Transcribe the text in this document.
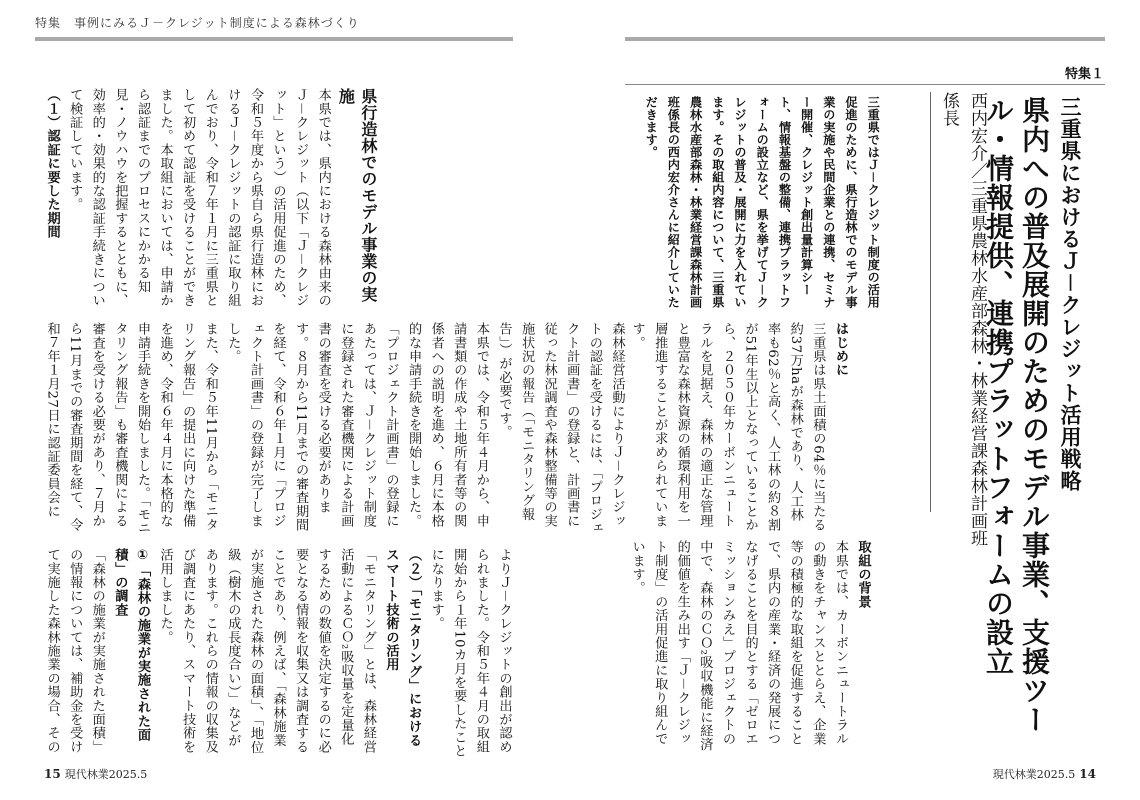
特集　事例にみるＪ－クレジット制度による森林づくり
特集１
三重県におけるＪ－クレジット活用戦略
県内への普及展開のためのモデル事業、支援ツール・情報提供、連携プラットフォームの設立
西内宏介／三重県農林水産部森林・林業経営課森林計画班係長
三重県ではＪ－クレジット制度の活用促進のために、県行造林でのモデル事業の実施や民間企業との連携、セミナー開催、クレジット創出量計算シート、情報基盤の整備、連携プラットフォームの設立など、県を挙げてＪ－クレジットの普及・展開に力を入れています。その取組内容について、三重県農林水産部森林・林業経営課森林計画班係長の西内宏介さんに紹介していただきます。
はじめに
三重県は県土面積の64％に当たる約37万haが森林であり、人工林率も62％と高く、人工林の約８割が51年生以上となっていることから、２０５０年カーボンニュートラルを見据え、森林の適正な管理と豊富な森林資源の循環利用を一層推進することが求められています。
取組の背景
本県では、カーボンニュートラルの動きをチャンスととらえ、企業等の積極的な取組を促進することで、県内の産業・経済の発展につなげることを目的とする「ゼロエミッションみえ」プロジェクトの中で、森林のＣＯ₂吸収機能に経済的価値を生み出す「Ｊ－クレジット制度」の活用促進に取り組んでいます。
県行造林でのモデル事業の実施
本県では、県内における森林由来のＪ－クレジット（以下「Ｊ－クレジット」という）の活用促進のため、令和５年度から県自ら県行造林におけるＪ－クレジットの認証に取り組んでおり、令和７年１月に三重県として初めて認証を受けることができました。本取組においては、申請から認証までのプロセスにかかる知見・ノウハウを把握するとともに、効率的・効果的な認証手続きについて検証しています。
（１）認証に要した期間

森林経営活動によりＪ－クレジットの認証を受けるには、「プロジェクト計画書」の登録と、計画書に従った林況調査や森林整備等の実施状況の報告（「モニタリング報告」）が必要です。
本県では、令和５年４月から、申請書類の作成や土地所有者等の関係者への説明を進め、６月に本格的な申請手続きを開始しました。「プロジェクト計画書」の登録にあたっては、Ｊ－クレジット制度に登録された審査機関による計画書の審査を受ける必要があります。８月から11月までの審査期間を経て、令和６年１月に「プロジェクト計画書」の登録が完了しました。
また、令和５年11月から「モニタリング報告」の提出に向けた準備を進め、令和６年４月に本格的な申請手続きを開始しました。「モニタリング報告」も審査機関による審査を受ける必要があり、７月から11月までの審査期間を経て、令和７年１月27日に認証委員会に
よりＪ－クレジットの創出が認められました。令和５年４月の取組開始から１年10カ月を要したことになります。
（２）「モニタリング」におけるスマート技術の活用
「モニタリング」とは、森林経営活動によるＣＯ₂吸収量を定量化するための数値を決定するのに必要となる情報を収集又は調査することであり、例えば、「森林施業が実施された森林の面積」、「地位級（樹木の成長度合い）」などがあります。これらの情報の収集及び調査にあたり、スマート技術を活用しました。
①「森林の施業が実施された面積」の調査
「森林の施業が実施された面積」の情報については、補助金を受けて実施した森林施業の場合、その
15 現代林業2025.5	現代林業2025.5 14
